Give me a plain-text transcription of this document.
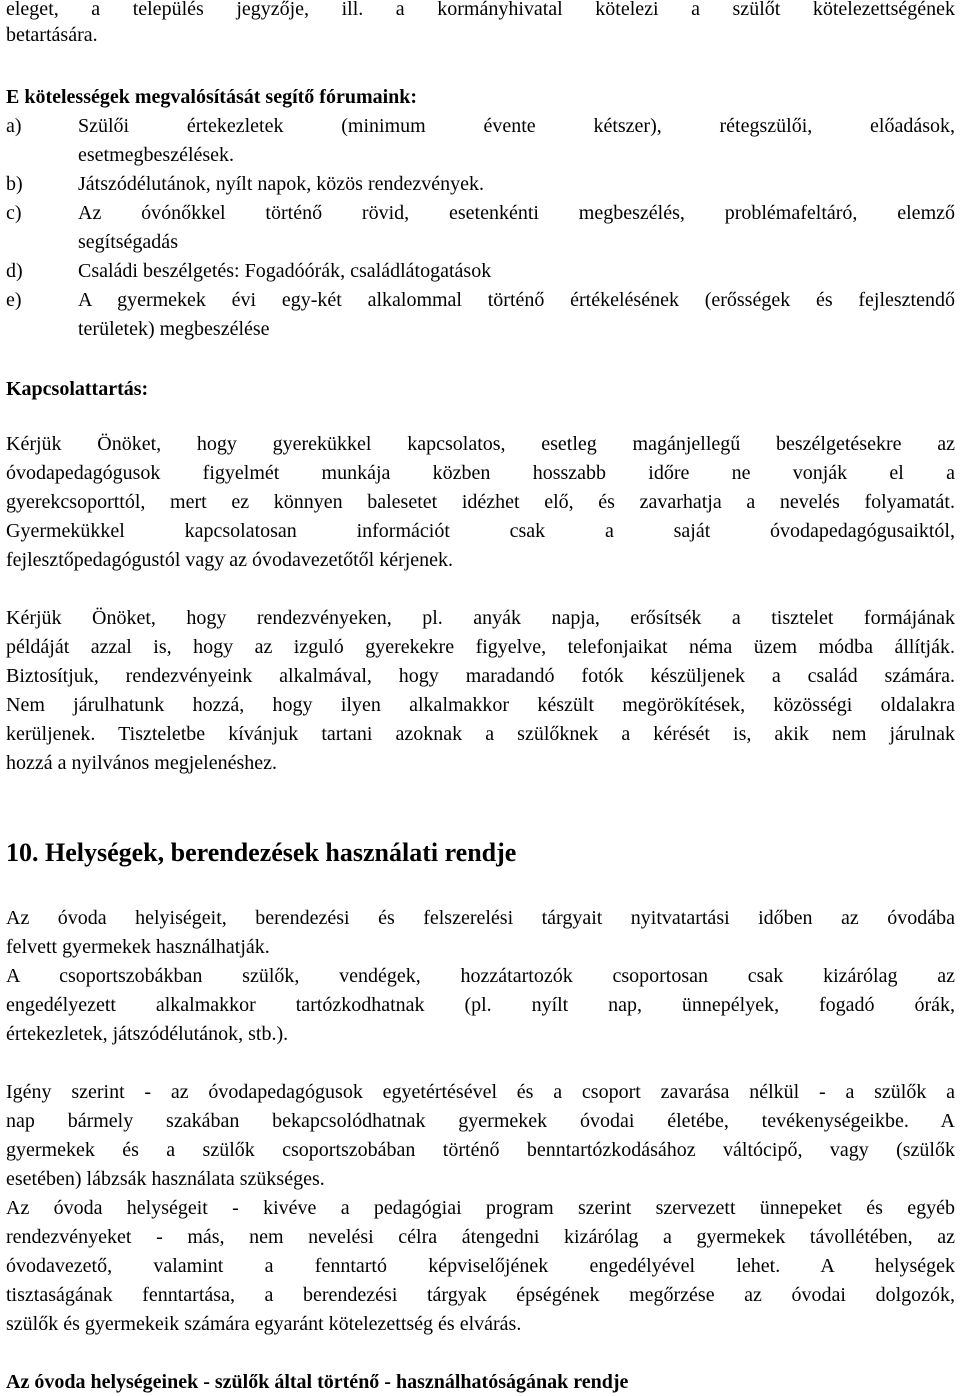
eleget, a település jegyzője, ill. a kormányhivatal kötelezi a szülőt kötelezettségének
betartására.
E kötelességek megvalósítását segítő fórumaink:
a)	Szülői értekezletek (minimum évente kétszer), rétegszülői, előadások,
esetmegbeszélések.
b)	Játszódélutánok, nyílt napok, közös rendezvények.
c)	Az óvónőkkel történő rövid, esetenkénti megbeszélés, problémafeltáró, elemző
segítségadás
d)	Családi beszélgetés: Fogadóórák, családlátogatások
e)	A gyermekek évi egy-két alkalommal történő értékelésének (erősségek és fejlesztendő
területek) megbeszélése
Kapcsolattartás:
Kérjük Önöket, hogy gyerekükkel kapcsolatos, esetleg magánjellegű beszélgetésekre az
óvodapedagógusok figyelmét munkája közben hosszabb időre ne vonják el a
gyerekcsoporttól, mert ez könnyen balesetet idézhet elő, és zavarhatja a nevelés folyamatát.
Gyermekükkel kapcsolatosan információt csak a saját óvodapedagógusaiktól,
fejlesztőpedagógustól vagy az óvodavezetőtől kérjenek.
Kérjük Önöket, hogy rendezvényeken, pl. anyák napja, erősítsék a tisztelet formájának
példáját azzal is, hogy az izguló gyerekekre figyelve, telefonjaikat néma üzem módba állítják.
Biztosítjuk, rendezvényeink alkalmával, hogy maradandó fotók készüljenek a család számára.
Nem járulhatunk hozzá, hogy ilyen alkalmakkor készült megörökítések, közösségi oldalakra
kerüljenek. Tiszteletbe kívánjuk tartani azoknak a szülőknek a kérését is, akik nem járulnak
hozzá a nyilvános megjelenéshez.
10. Helységek, berendezések használati rendje
Az óvoda helyiségeit, berendezési és felszerelési tárgyait nyitvatartási időben az óvodába
felvett gyermekek használhatják.
A csoportszobákban szülők, vendégek, hozzátartozók csoportosan csak kizárólag az
engedélyezett alkalmakkor tartózkodhatnak (pl. nyílt nap, ünnepélyek, fogadó órák,
értekezletek, játszódélutánok, stb.).
Igény szerint - az óvodapedagógusok egyetértésével és a csoport zavarása nélkül - a szülők a
nap bármely szakában bekapcsolódhatnak gyermekek óvodai életébe, tevékenységeikbe. A
gyermekek és a szülők csoportszobában történő benntartózkodásához váltócipő, vagy (szülők
esetében) lábzsák használata szükséges.
Az óvoda helységeit - kivéve a pedagógiai program szerint szervezett ünnepeket és egyéb
rendezvényeket - más, nem nevelési célra átengedni kizárólag a gyermekek távollétében, az
óvodavezető, valamint a fenntartó képviselőjének engedélyével lehet. A helységek
tisztaságának fenntartása, a berendezési tárgyak épségének megőrzése az óvodai dolgozók,
szülők és gyermekeik számára egyaránt kötelezettség és elvárás.
Az óvoda helységeinek - szülők által történő - használhatóságának rendje
